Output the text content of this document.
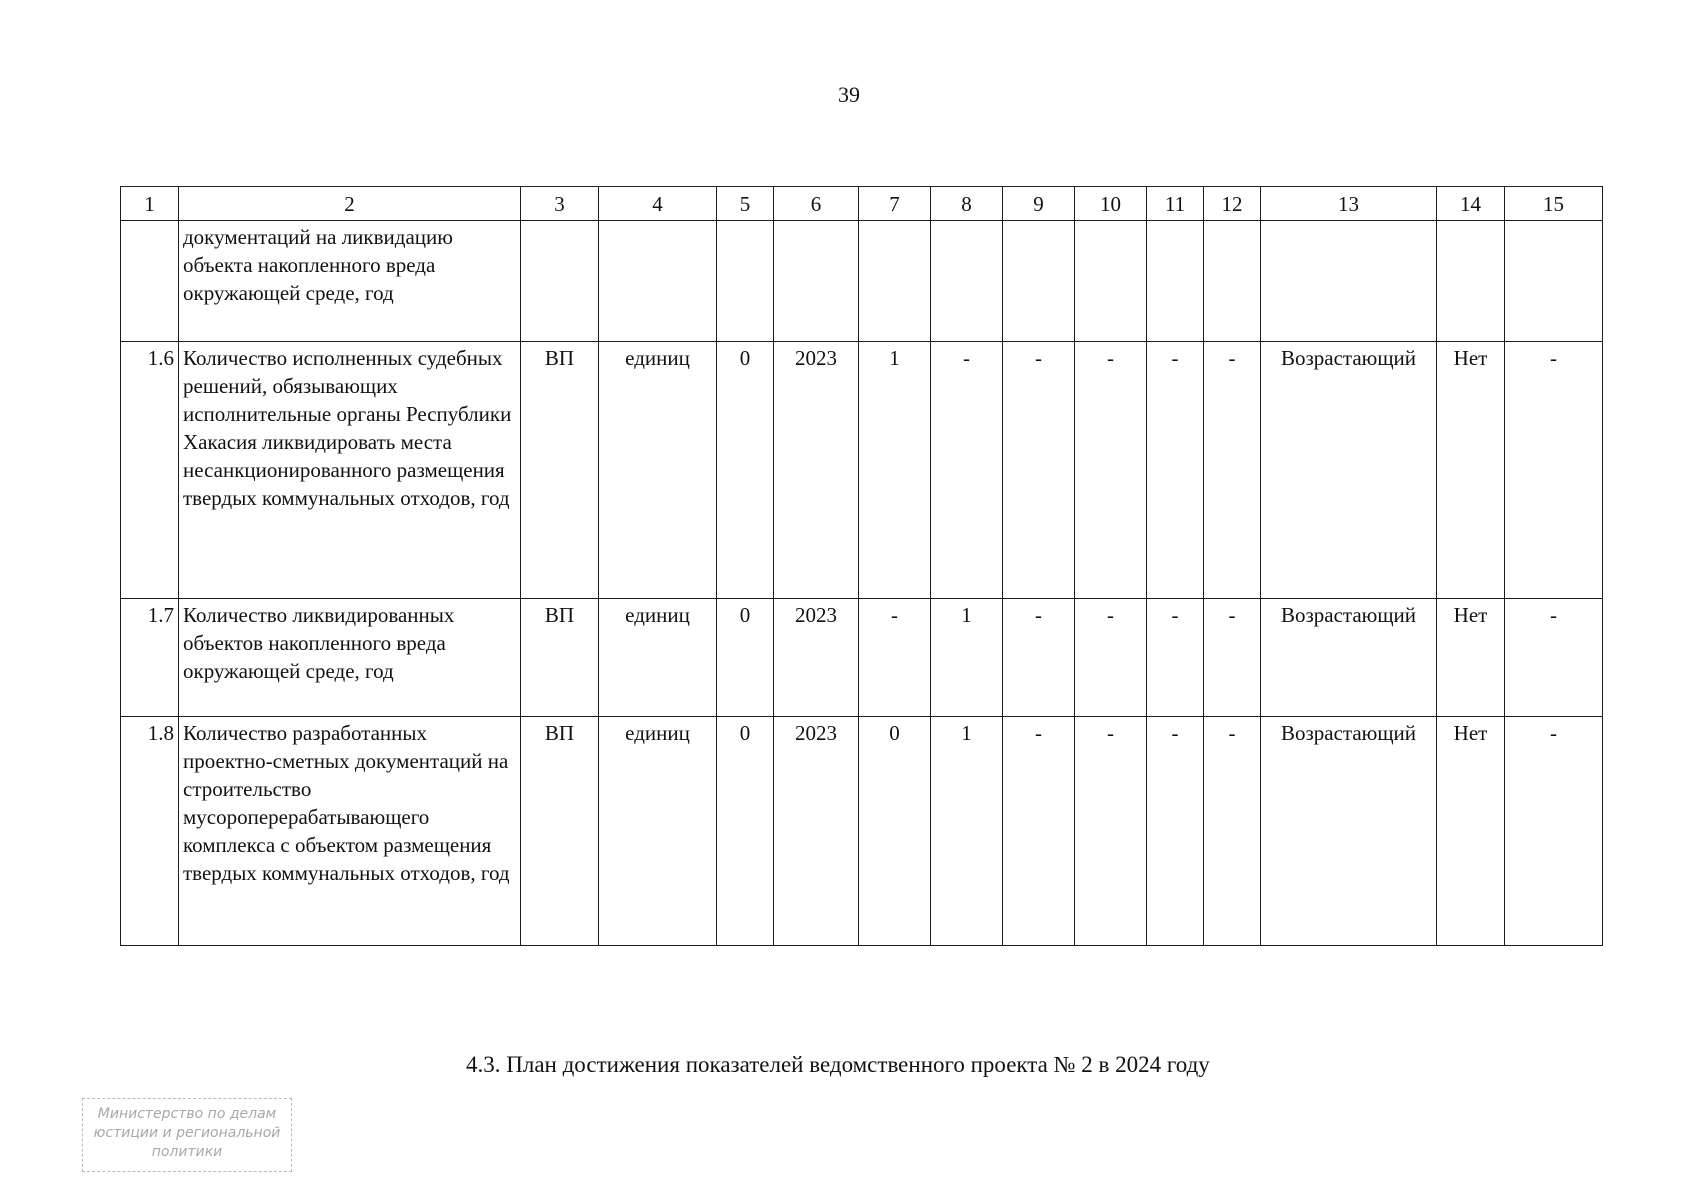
39
1	2	3	4	5	6	7	8	9	10	11	12	13	14	15
	документаций на ликвидацию объекта накопленного вреда окружающей среде, год													
1.6	Количество исполненных судебных решений, обязывающих исполнительные органы Республики Хакасия ликвидировать места несанкционированного размещения твердых коммунальных отходов, год	ВП	единиц	0	2023	1	-	-	-	-	-	Возрастающий	Нет	-
1.7	Количество ликвидированных объектов накопленного вреда окружающей среде, год	ВП	единиц	0	2023	-	1	-	-	-	-	Возрастающий	Нет	-
1.8	Количество разработанных проектно-сметных документаций на строительство мусороперерабатывающего комплекса с объектом размещения твердых коммунальных отходов, год	ВП	единиц	0	2023	0	1	-	-	-	-	Возрастающий	Нет	-
4.3. План достижения показателей ведомственного проекта № 2 в 2024 году
Министерство по делам
юстиции и региональной
политики
